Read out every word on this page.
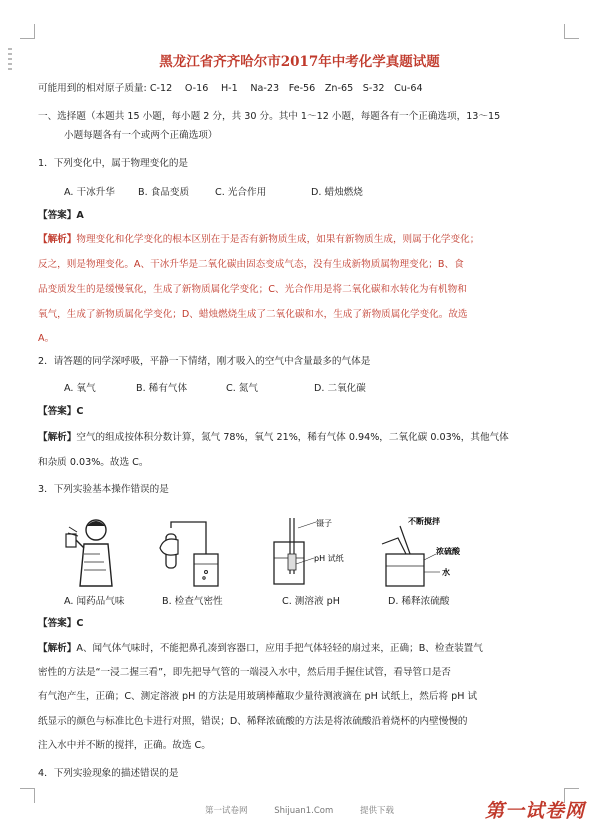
黑龙江省齐齐哈尔市2017年中考化学真题试题
可能用到的相对原子质量: C-12　 O-16　 H-1　 Na-23　Fe-56　Zn-65　S-32　Cu-64
一、选择题（本题共 15 小题，每小题 2 分，共 30 分。其中 1～12 小题，每题各有一个正确选项，13～15
小题每题各有一个或两个正确选项）
1．下列变化中，属于物理变化的是
A. 干冰升华	B. 食品变质	C. 光合作用	D. 蜡烛燃烧
【答案】A
【解析】物理变化和化学变化的根本区别在于是否有新物质生成，如果有新物质生成，则属于化学变化；
反之，则是物理变化。A、干冰升华是二氧化碳由固态变成气态，没有生成新物质属物理变化；B、食
品变质发生的是缓慢氧化，生成了新物质属化学变化；C、光合作用是将二氧化碳和水转化为有机物和
氧气，生成了新物质属化学变化；D、蜡烛燃烧生成了二氧化碳和水，生成了新物质属化学变化。故选
A。
2．请答题的同学深呼吸，平静一下情绪，刚才吸入的空气中含量最多的气体是
A. 氧气	B. 稀有气体	C. 氮气	D. 二氧化碳
【答案】C
【解析】空气的组成按体积分数计算，氮气 78%，氧气 21%，稀有气体 0.94%，二氧化碳 0.03%，其他气体
和杂质 0.03%。故选 C。
3．下列实验基本操作错误的是
镊子
pH 试纸
不断搅拌
浓硫酸
水
A. 闻药品气味	B. 检查气密性	C. 测溶液 pH	D. 稀释浓硫酸
【答案】C
【解析】A、闻气体气味时，不能把鼻孔凑到容器口，应用手把气体轻轻的扇过来，正确；B、检查装置气
密性的方法是“一浸二握三看”，即先把导气管的一端浸入水中，然后用手握住试管，看导管口是否
有气泡产生，正确；C、测定溶液 pH 的方法是用玻璃棒蘸取少量待测液滴在 pH 试纸上，然后将 pH 试
纸显示的颜色与标准比色卡进行对照，错误；D、稀释浓硫酸的方法是将浓硫酸沿着烧杯的内壁慢慢的
注入水中并不断的搅拌，正确。故选 C。
4．下列实验现象的描述错误的是
第一试卷网	Shijuan1.Com	提供下载	第一试卷网
